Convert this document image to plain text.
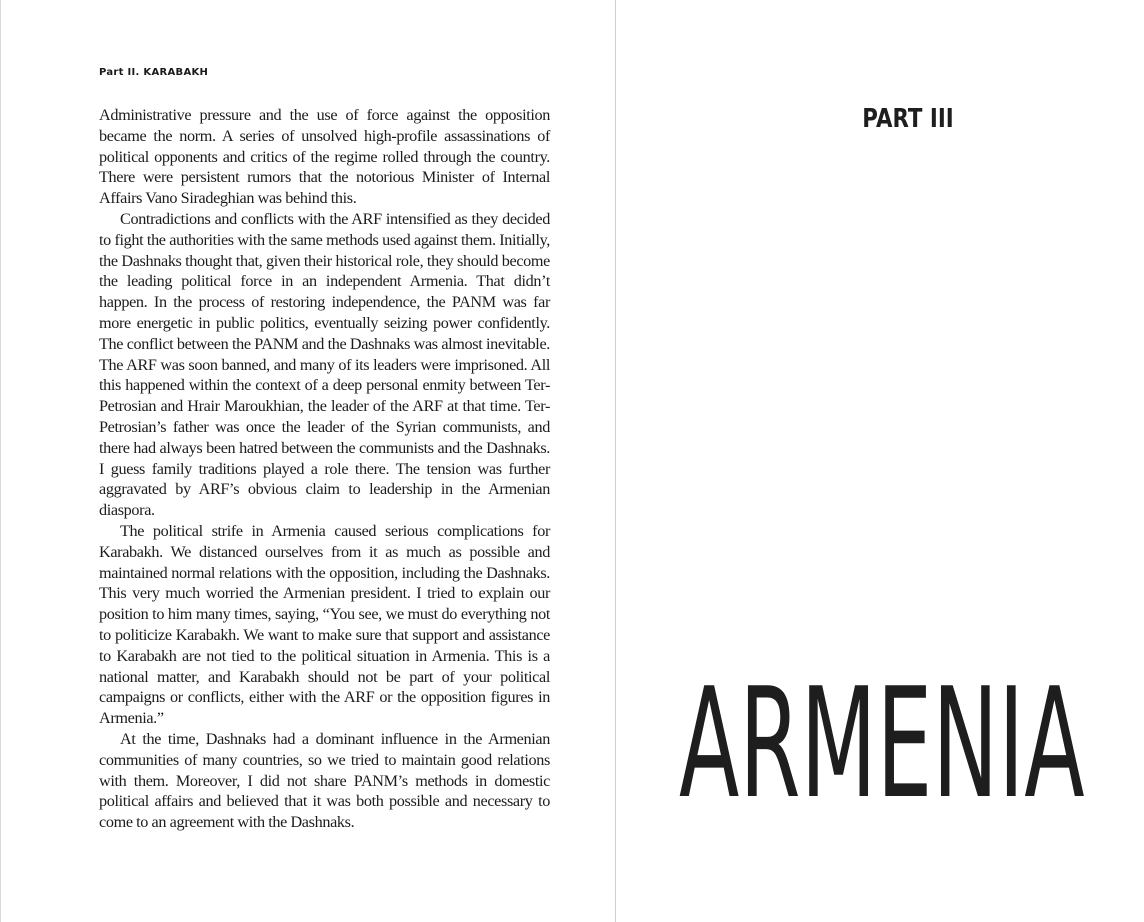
Part II. KARABAKH

Administrative pressure and the use of force against the opposition became the norm. A series of unsolved high-profile assassinations of political opponents and critics of the regime rolled through the country. There were persistent rumors that the notorious Minister of Internal Affairs Vano Siradeghian was behind this.

Contradictions and conflicts with the ARF intensified as they decided to fight the authorities with the same methods used against them. Initially, the Dashnaks thought that, given their historical role, they should become the leading political force in an independent Armenia. That didn’t happen. In the process of restoring independence, the PANM was far more energetic in public politics, eventually seizing power confidently. The conflict between the PANM and the Dashnaks was almost inevitable. The ARF was soon banned, and many of its leaders were imprisoned. All this happened within the context of a deep personal enmity between Ter-Petrosian and Hrair Maroukhian, the leader of the ARF at that time. Ter-Petrosian’s father was once the leader of the Syrian communists, and there had always been hatred between the communists and the Dashnaks. I guess family traditions played a role there. The tension was further aggravated by ARF’s obvious claim to leadership in the Armenian diaspora.

The political strife in Armenia caused serious complications for Karabakh. We distanced ourselves from it as much as possible and maintained normal relations with the opposition, including the Dashnaks. This very much worried the Armenian president. I tried to explain our position to him many times, saying, “You see, we must do everything not to politicize Karabakh. We want to make sure that support and assistance to Karabakh are not tied to the political situation in Armenia. This is a national matter, and Karabakh should not be part of your political campaigns or conflicts, either with the ARF or the opposition figures in Armenia.”

At the time, Dashnaks had a dominant influence in the Armenian communities of many countries, so we tried to maintain good relations with them. Moreover, I did not share PANM’s methods in domestic political affairs and believed that it was both possible and necessary to come to an agreement with the Dashnaks.

PART III
ARMENIA
